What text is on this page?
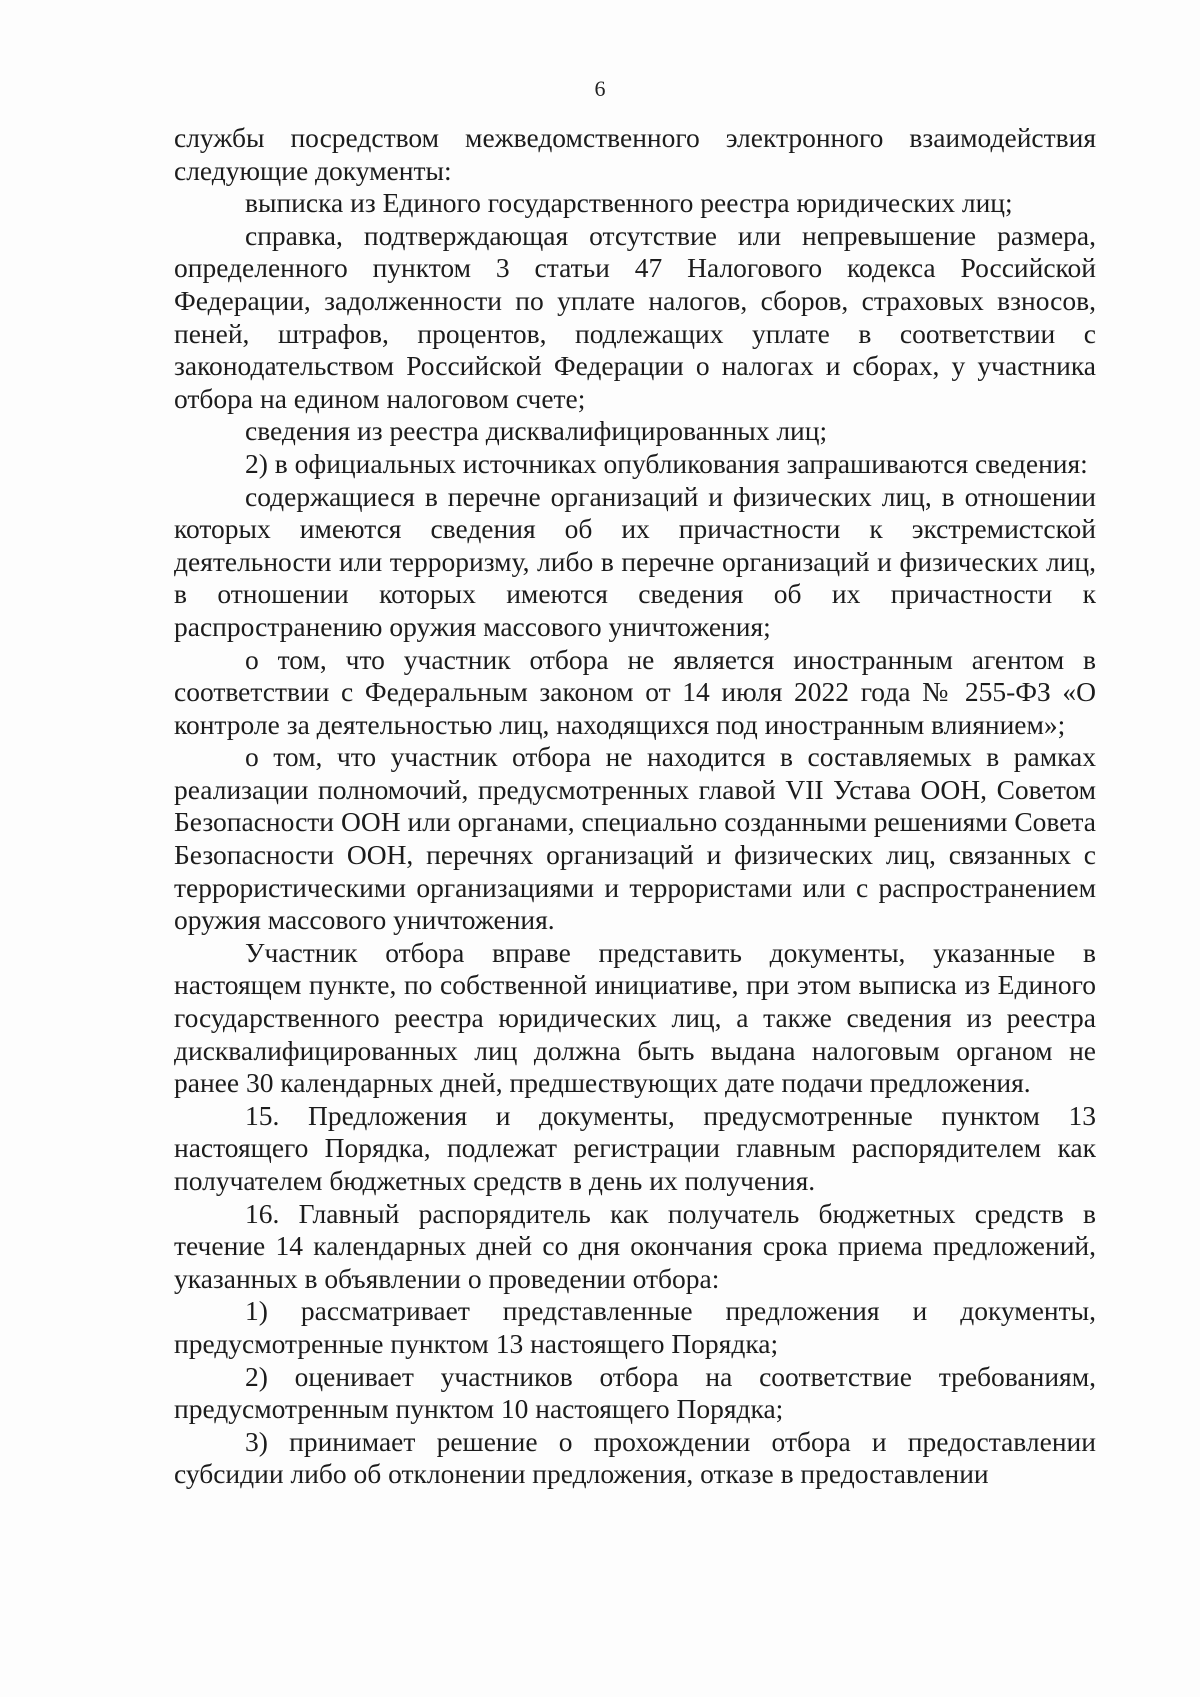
6

службы посредством межведомственного электронного взаимодействия следующие документы:

выписка из Единого государственного реестра юридических лиц;

справка, подтверждающая отсутствие или непревышение размера, определенного пунктом 3 статьи 47 Налогового кодекса Российской Федерации, задолженности по уплате налогов, сборов, страховых взносов, пеней, штрафов, процентов, подлежащих уплате в соответствии с законодательством Российской Федерации о налогах и сборах, у участника отбора на едином налоговом счете;

сведения из реестра дисквалифицированных лиц;

2) в официальных источниках опубликования запрашиваются сведения:

содержащиеся в перечне организаций и физических лиц, в отношении которых имеются сведения об их причастности к экстремистской деятельности или терроризму, либо в перечне организаций и физических лиц, в отношении которых имеются сведения об их причастности к распространению оружия массового уничтожения;

о том, что участник отбора не является иностранным агентом в соответствии с Федеральным законом от 14 июля 2022 года № 255-ФЗ «О контроле за деятельностью лиц, находящихся под иностранным влиянием»;

о том, что участник отбора не находится в составляемых в рамках реализации полномочий, предусмотренных главой VII Устава ООН, Советом Безопасности ООН или органами, специально созданными решениями Совета Безопасности ООН, перечнях организаций и физических лиц, связанных с террористическими организациями и террористами или с распространением оружия массового уничтожения.

Участник отбора вправе представить документы, указанные в настоящем пункте, по собственной инициативе, при этом выписка из Единого государственного реестра юридических лиц, а также сведения из реестра дисквалифицированных лиц должна быть выдана налоговым органом не ранее 30 календарных дней, предшествующих дате подачи предложения.

15. Предложения и документы, предусмотренные пунктом 13 настоящего Порядка, подлежат регистрации главным распорядителем как получателем бюджетных средств в день их получения.

16. Главный распорядитель как получатель бюджетных средств в течение 14 календарных дней со дня окончания срока приема предложений, указанных в объявлении о проведении отбора:

1) рассматривает представленные предложения и документы, предусмотренные пунктом 13 настоящего Порядка;

2) оценивает участников отбора на соответствие требованиям, предусмотренным пунктом 10 настоящего Порядка;

3) принимает решение о прохождении отбора и предоставлении субсидии либо об отклонении предложения, отказе в предоставлении
